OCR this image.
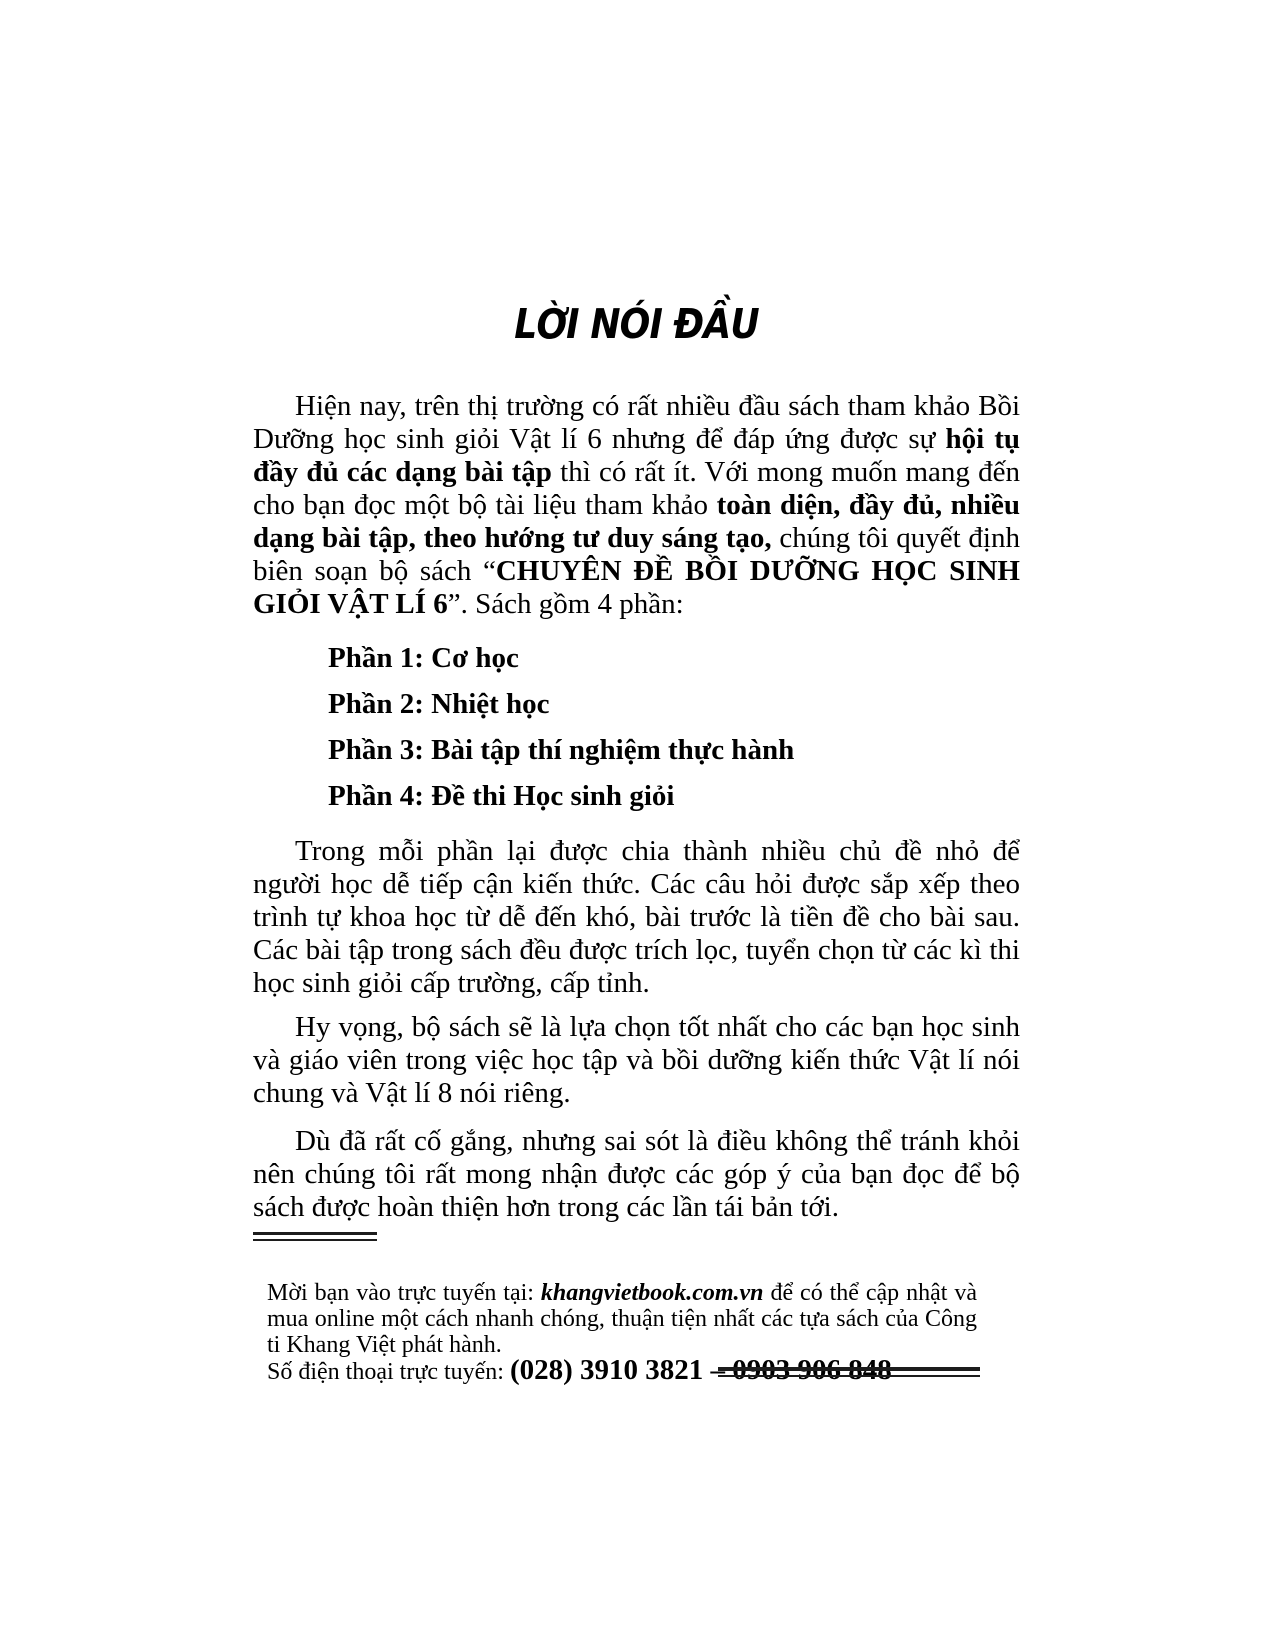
LỜI NÓI ĐẦU

Hiện nay, trên thị trường có rất nhiều đầu sách tham khảo Bồi Dưỡng học sinh giỏi Vật lí 6 nhưng để đáp ứng được sự hội tụ đầy đủ các dạng bài tập thì có rất ít. Với mong muốn mang đến cho bạn đọc một bộ tài liệu tham khảo toàn diện, đầy đủ, nhiều dạng bài tập, theo hướng tư duy sáng tạo, chúng tôi quyết định biên soạn bộ sách “CHUYÊN ĐỀ BỒI DƯỠNG HỌC SINH GIỎI VẬT LÍ 6”. Sách gồm 4 phần:

Phần 1: Cơ học
Phần 2: Nhiệt học
Phần 3: Bài tập thí nghiệm thực hành
Phần 4: Đề thi Học sinh giỏi

Trong mỗi phần lại được chia thành nhiều chủ đề nhỏ để người học dễ tiếp cận kiến thức. Các câu hỏi được sắp xếp theo trình tự khoa học từ dễ đến khó, bài trước là tiền đề cho bài sau. Các bài tập trong sách đều được trích lọc, tuyển chọn từ các kì thi học sinh giỏi cấp trường, cấp tỉnh.

Hy vọng, bộ sách sẽ là lựa chọn tốt nhất cho các bạn học sinh và giáo viên trong việc học tập và bồi dưỡng kiến thức Vật lí nói chung và Vật lí 8 nói riêng.

Dù đã rất cố gắng, nhưng sai sót là điều không thể tránh khỏi nên chúng tôi rất mong nhận được các góp ý của bạn đọc để bộ sách được hoàn thiện hơn trong các lần tái bản tới.

Mời bạn vào trực tuyến tại: khangvietbook.com.vn để có thể cập nhật và mua online một cách nhanh chóng, thuận tiện nhất các tựa sách của Công ti Khang Việt phát hành.

Số điện thoại trực tuyến: (028) 3910 3821 – 0903 906 848
